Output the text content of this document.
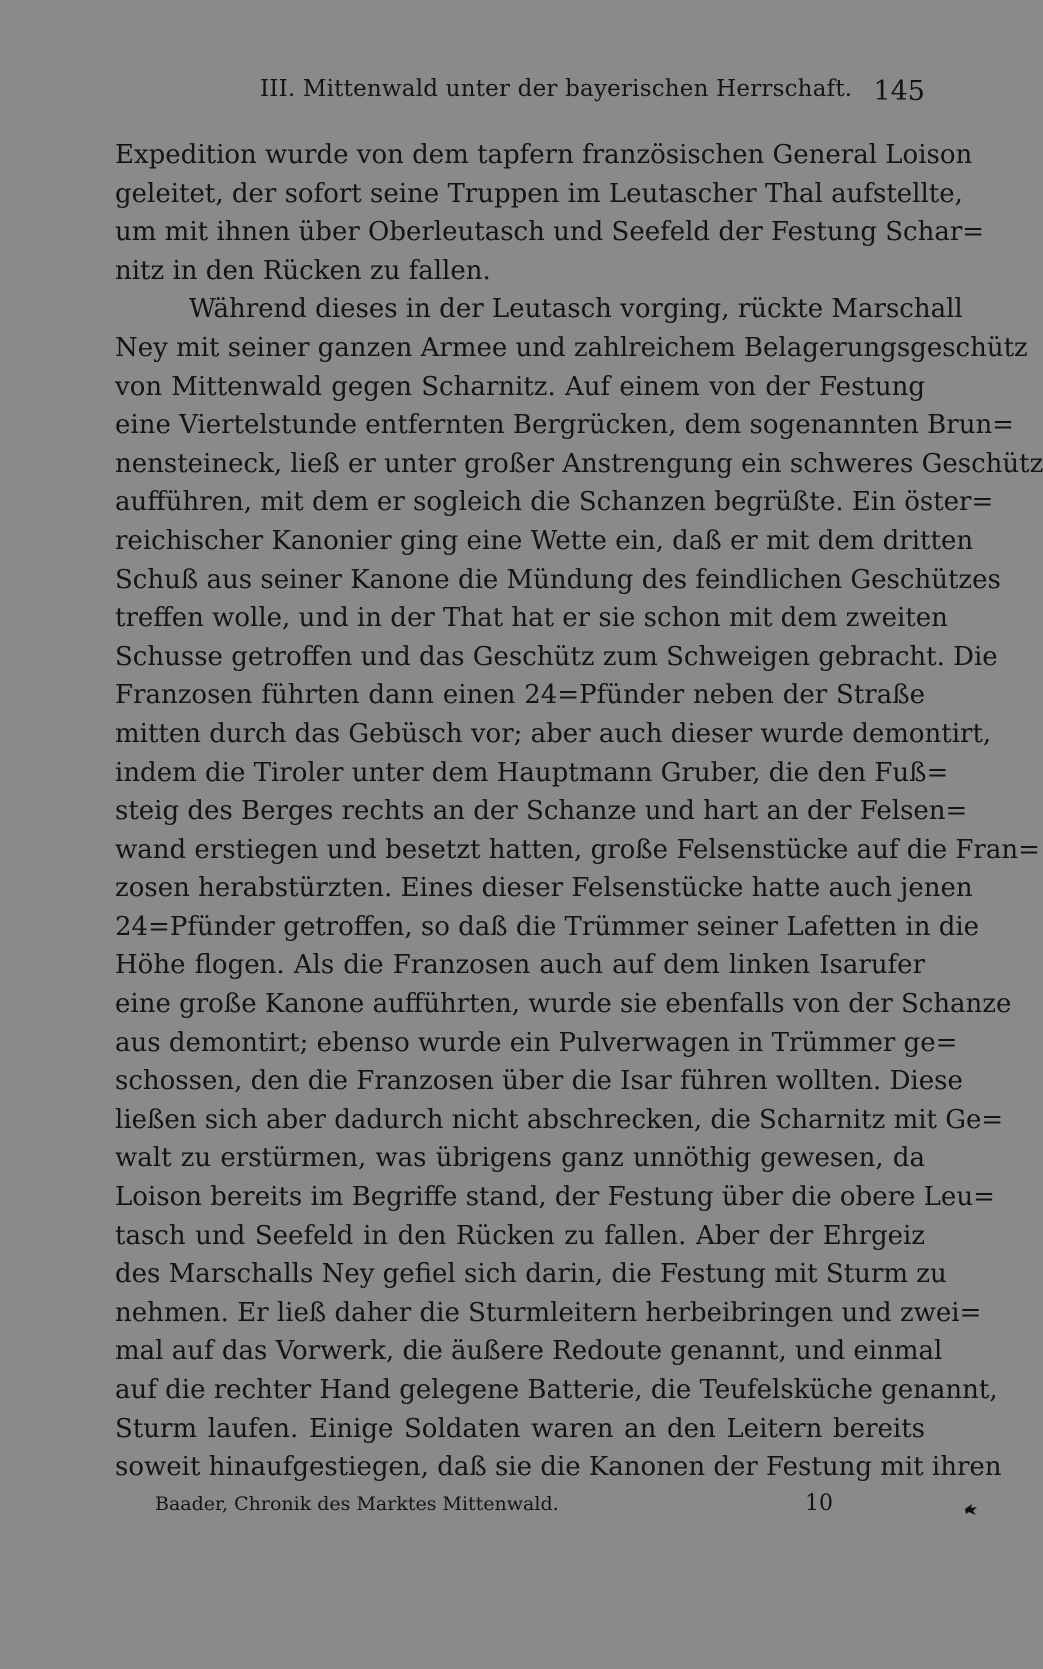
III. Mittenwald unter der bayerischen Herrschaft. 145
Expedition wurde von dem tapfern französischen General Loison
geleitet, der sofort seine Truppen im Leutascher Thal aufstellte,
um mit ihnen über Oberleutasch und Seefeld der Festung Schar=
nitz in den Rücken zu fallen.
Während dieses in der Leutasch vorging, rückte Marschall
Ney mit seiner ganzen Armee und zahlreichem Belagerungsgeschütz
von Mittenwald gegen Scharnitz. Auf einem von der Festung
eine Viertelstunde entfernten Bergrücken, dem sogenannten Brun=
nensteineck, ließ er unter großer Anstrengung ein schweres Geschütz
aufführen, mit dem er sogleich die Schanzen begrüßte. Ein öster=
reichischer Kanonier ging eine Wette ein, daß er mit dem dritten
Schuß aus seiner Kanone die Mündung des feindlichen Geschützes
treffen wolle, und in der That hat er sie schon mit dem zweiten
Schusse getroffen und das Geschütz zum Schweigen gebracht. Die
Franzosen führten dann einen 24=Pfünder neben der Straße
mitten durch das Gebüsch vor; aber auch dieser wurde demontirt,
indem die Tiroler unter dem Hauptmann Gruber, die den Fuß=
steig des Berges rechts an der Schanze und hart an der Felsen=
wand erstiegen und besetzt hatten, große Felsenstücke auf die Fran=
zosen herabstürzten. Eines dieser Felsenstücke hatte auch jenen
24=Pfünder getroffen, so daß die Trümmer seiner Lafetten in die
Höhe flogen. Als die Franzosen auch auf dem linken Isarufer
eine große Kanone aufführten, wurde sie ebenfalls von der Schanze
aus demontirt; ebenso wurde ein Pulverwagen in Trümmer ge=
schossen, den die Franzosen über die Isar führen wollten. Diese
ließen sich aber dadurch nicht abschrecken, die Scharnitz mit Ge=
walt zu erstürmen, was übrigens ganz unnöthig gewesen, da
Loison bereits im Begriffe stand, der Festung über die obere Leu=
tasch und Seefeld in den Rücken zu fallen. Aber der Ehrgeiz
des Marschalls Ney gefiel sich darin, die Festung mit Sturm zu
nehmen. Er ließ daher die Sturmleitern herbeibringen und zwei=
mal auf das Vorwerk, die äußere Redoute genannt, und einmal
auf die rechter Hand gelegene Batterie, die Teufelsküche genannt,
Sturm laufen. Einige Soldaten waren an den Leitern bereits
soweit hinaufgestiegen, daß sie die Kanonen der Festung mit ihren
Baader, Chronik des Marktes Mittenwald.	10
